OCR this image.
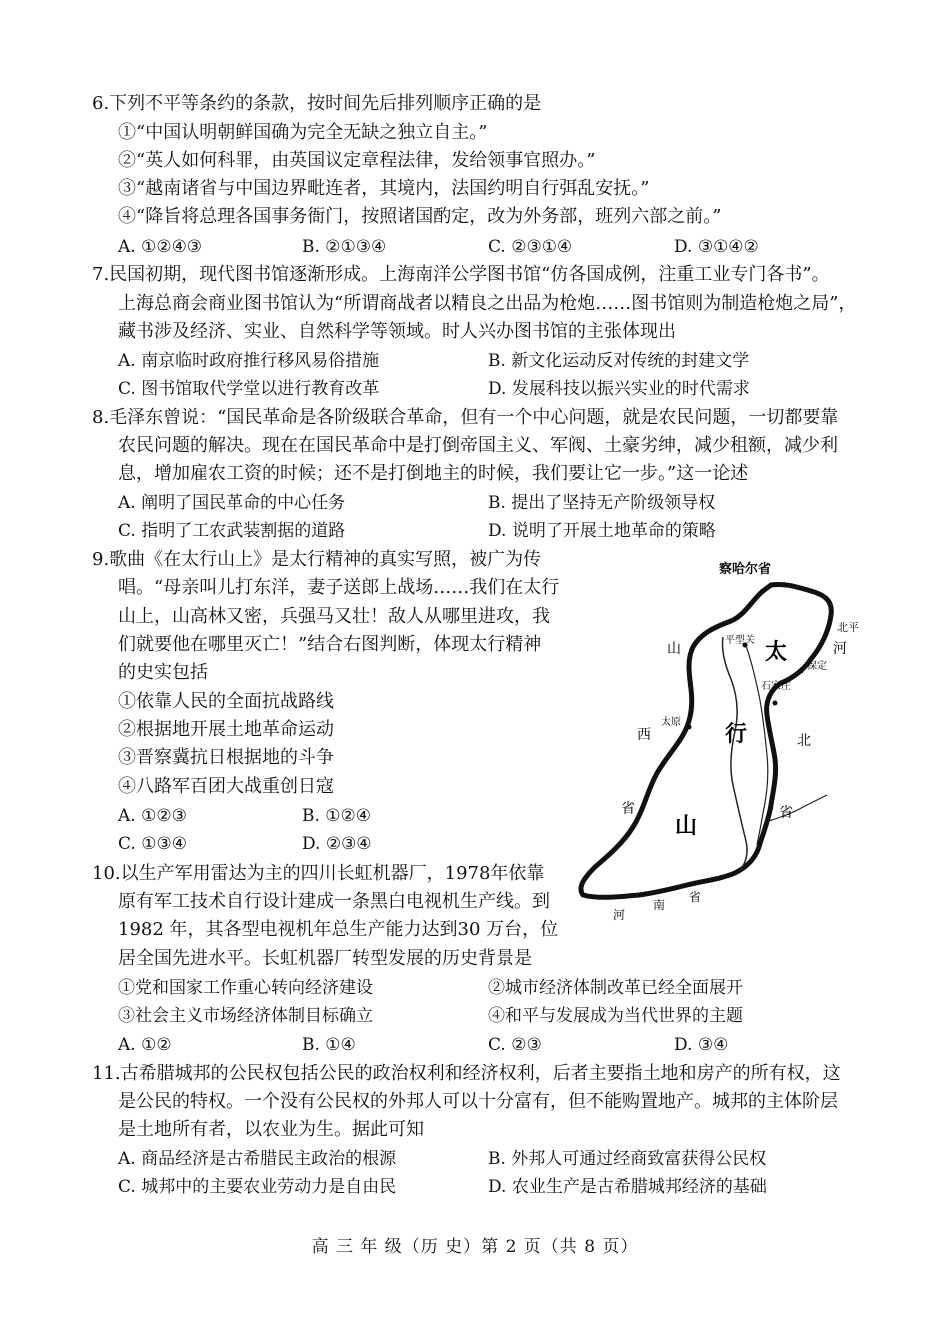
6.下列不平等条约的条款，按时间先后排列顺序正确的是
①“中国认明朝鲜国确为完全无缺之独立自主。”
②“英人如何科罪，由英国议定章程法律，发给领事官照办。”
③“越南诸省与中国边界毗连者，其境内，法国约明自行弭乱安抚。”
④“降旨将总理各国事务衙门，按照诸国酌定，改为外务部，班列六部之前。”
A. ①②④③	B. ②①③④	C. ②③①④	D. ③①④②
7.民国初期，现代图书馆逐渐形成。上海南洋公学图书馆“仿各国成例，注重工业专门各书”。
上海总商会商业图书馆认为“所谓商战者以精良之出品为枪炮……图书馆则为制造枪炮之局”，
藏书涉及经济、实业、自然科学等领域。时人兴办图书馆的主张体现出
A. 南京临时政府推行移风易俗措施	B. 新文化运动反对传统的封建文学
C. 图书馆取代学堂以进行教育改革	D. 发展科技以振兴实业的时代需求
8.毛泽东曾说：“国民革命是各阶级联合革命，但有一个中心问题，就是农民问题，一切都要靠
农民问题的解决。现在在国民革命中是打倒帝国主义、军阀、土豪劣绅，减少租额，减少利
息，增加雇农工资的时候；还不是打倒地主的时候，我们要让它一步。”这一论述
A. 阐明了国民革命的中心任务	B. 提出了坚持无产阶级领导权
C. 指明了工农武装割据的道路	D. 说明了开展土地革命的策略
9.歌曲《在太行山上》是太行精神的真实写照，被广为传
唱。“母亲叫儿打东洋，妻子送郎上战场……我们在太行
山上，山高林又密，兵强马又壮！敌人从哪里进攻，我
们就要他在哪里灭亡！”结合右图判断，体现太行精神
的史实包括
①依靠人民的全面抗战路线
②根据地开展土地革命运动
③晋察冀抗日根据地的斗争
④八路军百团大战重创日寇
A. ①②③	B. ①②④
C. ①③④	D. ②③④
察哈尔省
北平
平型关 太
山	河
保定
石家庄
太原
西	行	北
省	省
山
河
南
省
10.以生产军用雷达为主的四川长虹机器厂，1978年依靠
原有军工技术自行设计建成一条黑白电视机生产线。到
1982 年，其各型电视机年总生产能力达到30 万台，位
居全国先进水平。长虹机器厂转型发展的历史背景是
①党和国家工作重心转向经济建设	②城市经济体制改革已经全面展开
③社会主义市场经济体制目标确立	④和平与发展成为当代世界的主题
A. ①②	B. ①④	C. ②③	D. ③④
11.古希腊城邦的公民权包括公民的政治权利和经济权利，后者主要指土地和房产的所有权，这
是公民的特权。一个没有公民权的外邦人可以十分富有，但不能购置地产。城邦的主体阶层
是土地所有者，以农业为生。据此可知
A. 商品经济是古希腊民主政治的根源	B. 外邦人可通过经商致富获得公民权
C. 城邦中的主要农业劳动力是自由民	D. 农业生产是古希腊城邦经济的基础
高 三 年 级（历 史）第 2 页（共 8 页）
